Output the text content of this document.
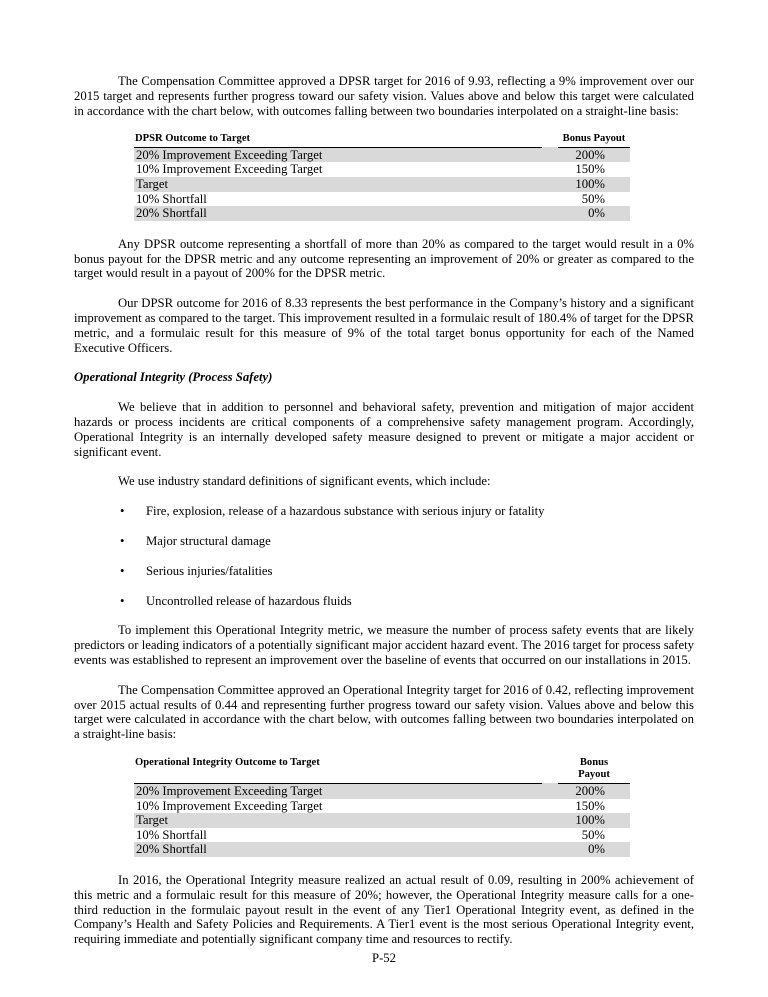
The Compensation Committee approved a DPSR target for 2016 of 9.93, reflecting a 9% improvement over our 2015 target and represents further progress toward our safety vision. Values above and below this target were calculated in accordance with the chart below, with outcomes falling between two boundaries interpolated on a straight-line basis:

DPSR Outcome to Target		Bonus Payout
20% Improvement Exceeding Target		200%
10% Improvement Exceeding Target		150%
Target		100%
10% Shortfall		50%
20% Shortfall		0%

Any DPSR outcome representing a shortfall of more than 20% as compared to the target would result in a 0% bonus payout for the DPSR metric and any outcome representing an improvement of 20% or greater as compared to the target would result in a payout of 200% for the DPSR metric.

Our DPSR outcome for 2016 of 8.33 represents the best performance in the Company’s history and a significant improvement as compared to the target. This improvement resulted in a formulaic result of 180.4% of target for the DPSR metric, and a formulaic result for this measure of 9% of the total target bonus opportunity for each of the Named Executive Officers.

Operational Integrity (Process Safety)

We believe that in addition to personnel and behavioral safety, prevention and mitigation of major accident hazards or process incidents are critical components of a comprehensive safety management program. Accordingly, Operational Integrity is an internally developed safety measure designed to prevent or mitigate a major accident or significant event.

We use industry standard definitions of significant events, which include:

•	Fire, explosion, release of a hazardous substance with serious injury or fatality
•	Major structural damage
•	Serious injuries/fatalities
•	Uncontrolled release of hazardous fluids

To implement this Operational Integrity metric, we measure the number of process safety events that are likely predictors or leading indicators of a potentially significant major accident hazard event. The 2016 target for process safety events was established to represent an improvement over the baseline of events that occurred on our installations in 2015.

The Compensation Committee approved an Operational Integrity target for 2016 of 0.42, reflecting improvement over 2015 actual results of 0.44 and representing further progress toward our safety vision. Values above and below this target were calculated in accordance with the chart below, with outcomes falling between two boundaries interpolated on a straight-line basis:

Operational Integrity Outcome to Target		Bonus
Payout
20% Improvement Exceeding Target		200%
10% Improvement Exceeding Target		150%
Target		100%
10% Shortfall		50%
20% Shortfall		0%

In 2016, the Operational Integrity measure realized an actual result of 0.09, resulting in 200% achievement of this metric and a formulaic result for this measure of 20%; however, the Operational Integrity measure calls for a one-third reduction in the formulaic payout result in the event of any Tier1 Operational Integrity event, as defined in the Company’s Health and Safety Policies and Requirements. A Tier1 event is the most serious Operational Integrity event, requiring immediate and potentially significant company time and resources to rectify.

P-52
